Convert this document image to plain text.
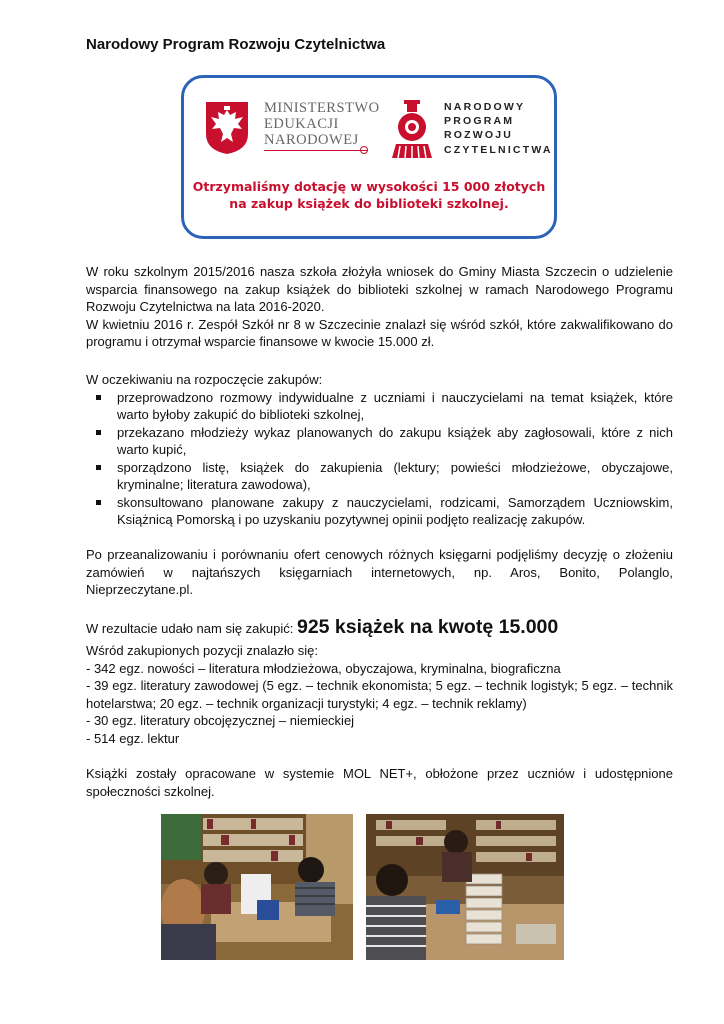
Narodowy Program Rozwoju Czytelnictwa
MINISTERSTWO
EDUKACJI
NARODOWEJ
NARODOWY
PROGRAM
ROZWOJU
CZYTELNICTWA
Otrzymaliśmy dotację w wysokości 15 000 złotych
na zakup książek do biblioteki szkolnej.

W roku szkolnym 2015/2016 nasza szkoła złożyła wniosek do Gminy Miasta Szczecin o udzielenie wsparcia finansowego na zakup książek do biblioteki szkolnej w ramach Narodowego Programu Rozwoju Czytelnictwa na lata 2016-2020.

W kwietniu 2016 r. Zespół Szkół nr 8 w Szczecinie znalazł się wśród szkół, które zakwalifikowano do programu i otrzymał wsparcie finansowe w kwocie 15.000 zł.

W oczekiwaniu na rozpoczęcie zakupów:

przeprowadzono rozmowy indywidualne z uczniami i nauczycielami na temat książek, które warto byłoby zakupić do biblioteki szkolnej,
przekazano młodzieży wykaz planowanych do zakupu książek aby zagłosowali, które z nich warto kupić,
sporządzono listę, książek do zakupienia (lektury; powieści młodzieżowe, obyczajowe, kryminalne; literatura zawodowa),
skonsultowano planowane zakupy z nauczycielami, rodzicami, Samorządem Uczniowskim, Książnicą Pomorską i po uzyskaniu pozytywnej opinii podjęto realizację zakupów.

Po przeanalizowaniu i porównaniu ofert cenowych różnych księgarni podjęliśmy decyzję o złożeniu

zamówień w najtańszych księgarniach internetowych, np. Aros, Bonito, Polanglo,

Nieprzeczytane.pl.

W rezultacie udało nam się zakupić: 925 książek na kwotę 15.000

Wśród zakupionych pozycji znalazło się:

- 342 egz. nowości – literatura młodzieżowa, obyczajowa, kryminalna, biograficzna

- 39 egz. literatury zawodowej (5 egz. – technik ekonomista; 5 egz. – technik logistyk; 5 egz. – technik hotelarstwa; 20 egz. – technik organizacji turystyki; 4 egz. – technik reklamy)

- 30 egz. literatury obcojęzycznej – niemieckiej

- 514 egz. lektur

Książki zostały opracowane w systemie MOL NET+, obłożone przez uczniów i udostępnione społeczności szkolnej.
